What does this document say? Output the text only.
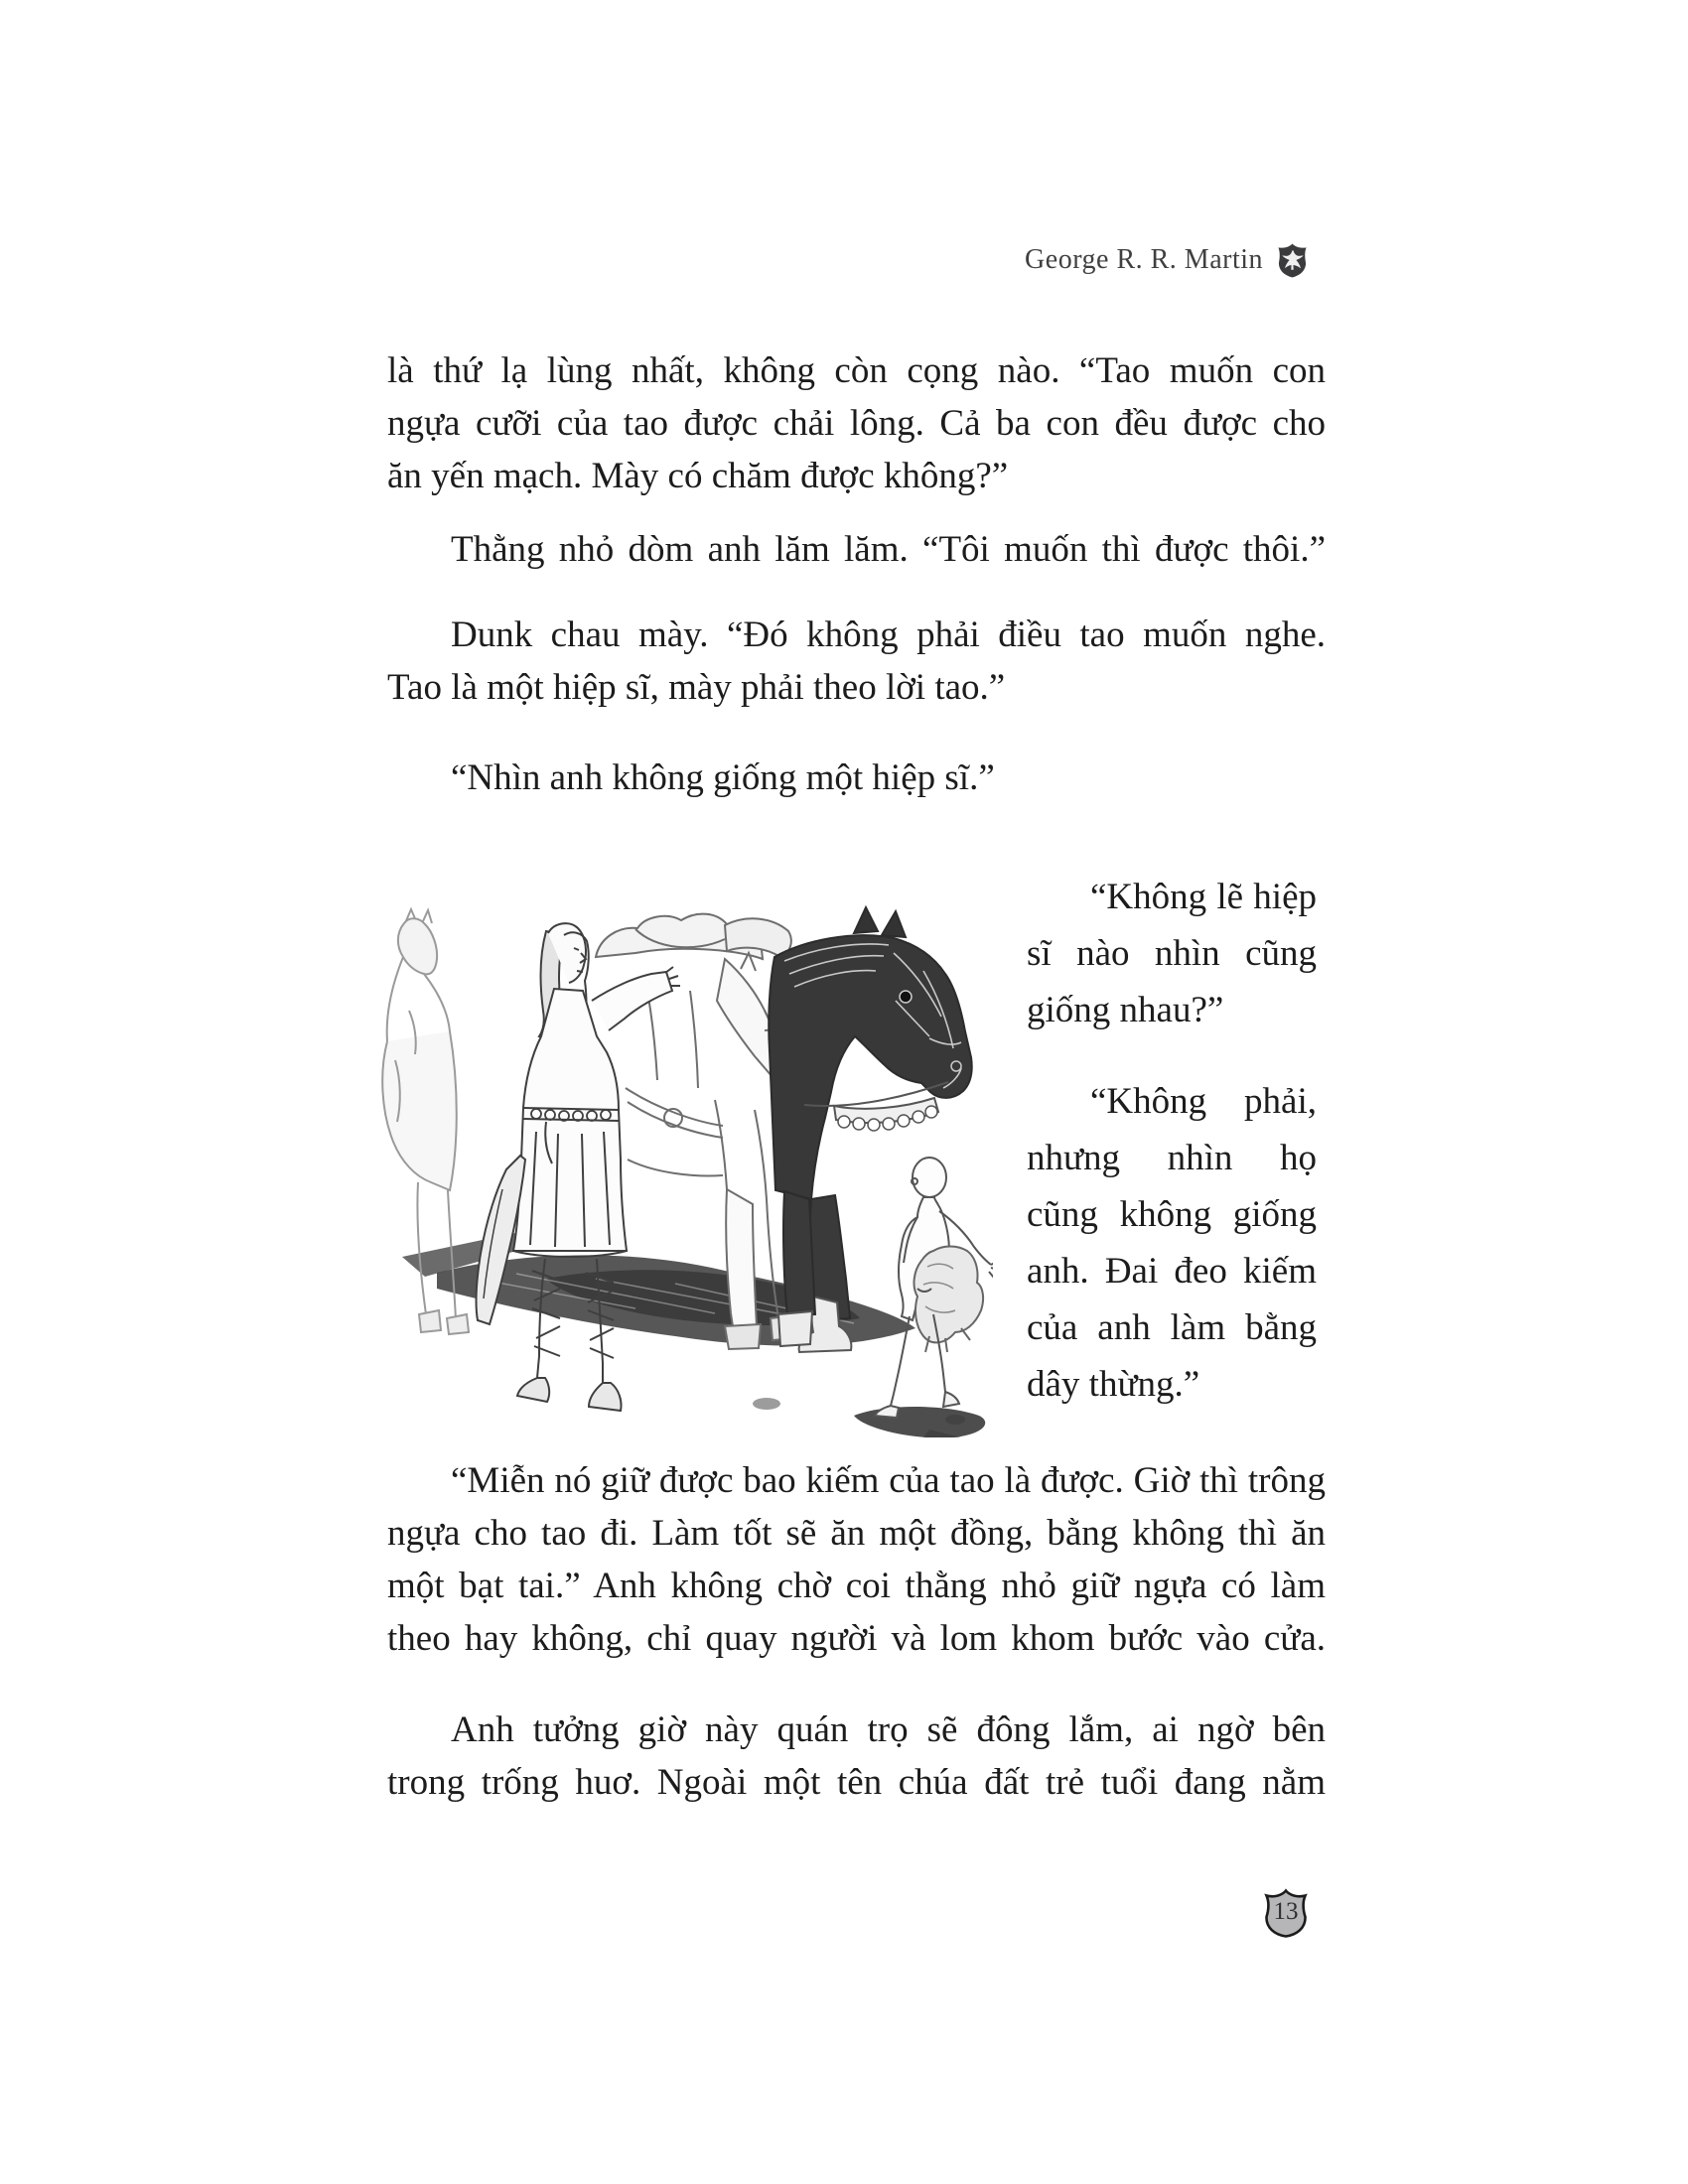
George R. R. Martin
là thứ lạ lùng nhất, không còn cọng nào. “Tao muốn con
ngựa cưỡi của tao được chải lông. Cả ba con đều được cho
ăn yến mạch. Mày có chăm được không?”
Thằng nhỏ dòm anh lăm lăm. “Tôi muốn thì được thôi.”
Dunk chau mày. “Đó không phải điều tao muốn nghe.
Tao là một hiệp sĩ, mày phải theo lời tao.”
“Nhìn anh không giống một hiệp sĩ.”
“Không lẽ hiệp
sĩ nào nhìn cũng
giống nhau?”
“Không phải,
nhưng nhìn họ
cũng không giống
anh. Đai đeo kiếm
của anh làm bằng
dây thừng.”
“Miễn nó giữ được bao kiếm của tao là được. Giờ thì trông
ngựa cho tao đi. Làm tốt sẽ ăn một đồng, bằng không thì ăn
một bạt tai.” Anh không chờ coi thằng nhỏ giữ ngựa có làm
theo hay không, chỉ quay người và lom khom bước vào cửa.
Anh tưởng giờ này quán trọ sẽ đông lắm, ai ngờ bên
trong trống huơ. Ngoài một tên chúa đất trẻ tuổi đang nằm
13
